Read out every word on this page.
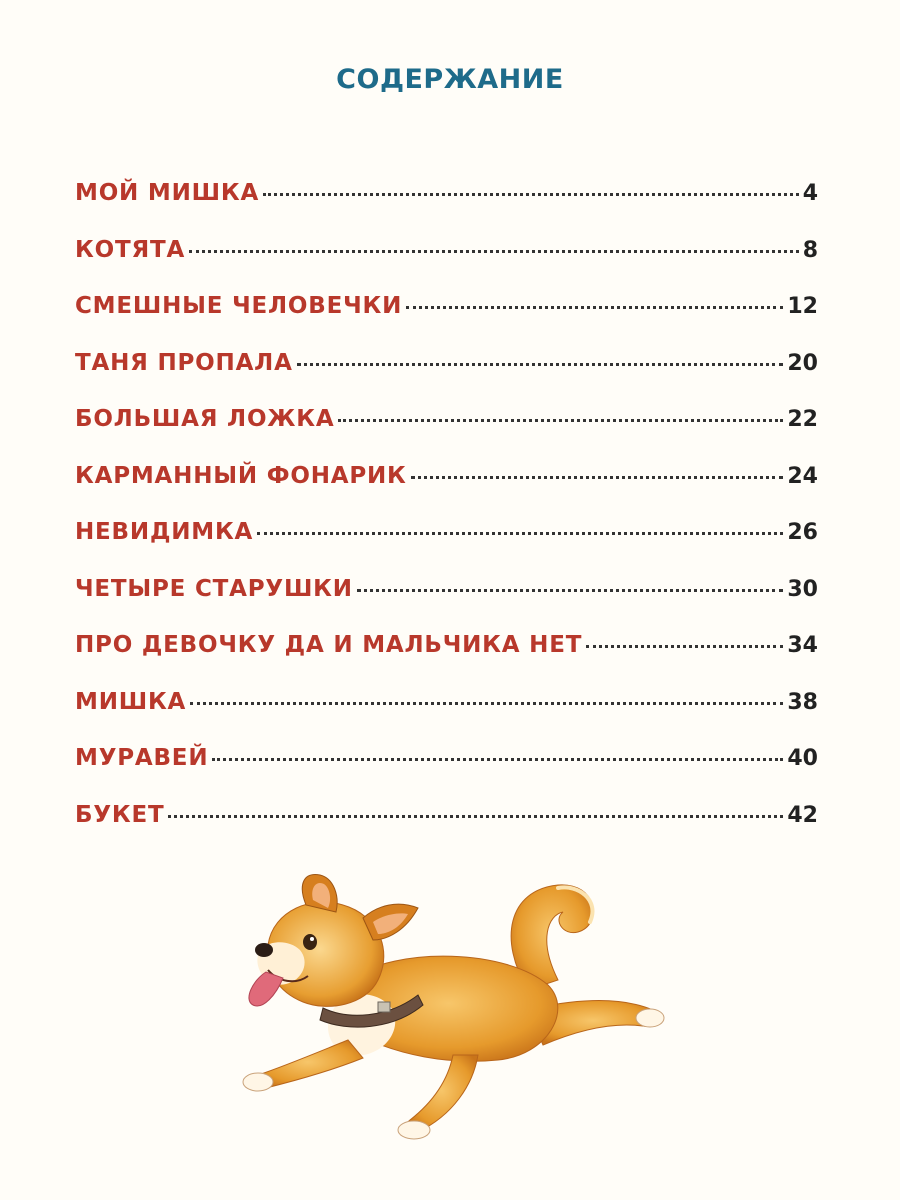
СОДЕРЖАНИЕ
МОЙ МИШКА	4
КОТЯТА	8
СМЕШНЫЕ ЧЕЛОВЕЧКИ	12
ТАНЯ ПРОПАЛА	20
БОЛЬШАЯ ЛОЖКА	22
КАРМАННЫЙ ФОНАРИК	24
НЕВИДИМКА	26
ЧЕТЫРЕ СТАРУШКИ	30
ПРО ДЕВОЧКУ ДА И МАЛЬЧИКА НЕТ	34
МИШКА	38
МУРАВЕЙ	40
БУКЕТ	42
